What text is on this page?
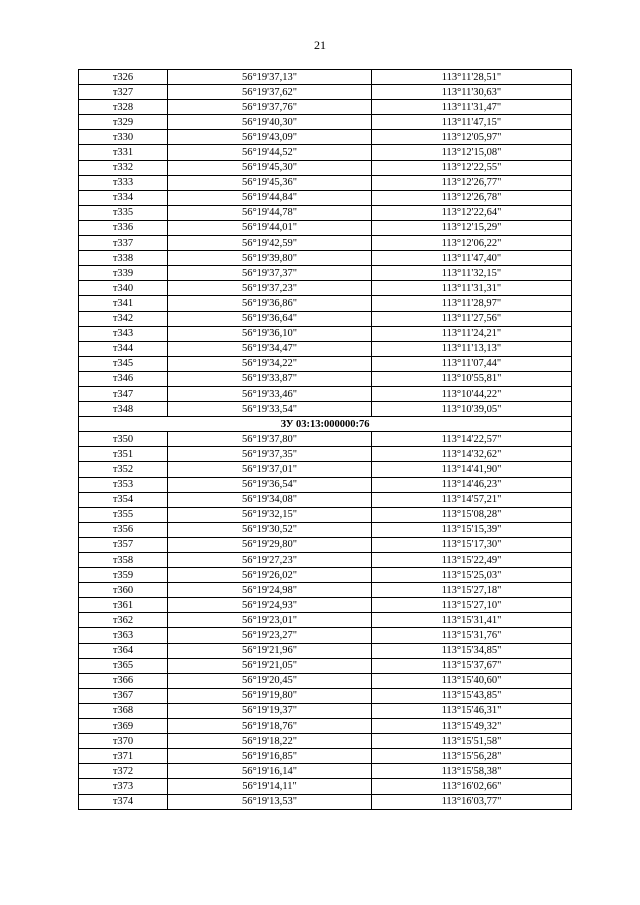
21
т326	56°19'37,13"	113°11'28,51"
т327	56°19'37,62"	113°11'30,63"
т328	56°19'37,76"	113°11'31,47"
т329	56°19'40,30"	113°11'47,15"
т330	56°19'43,09"	113°12'05,97"
т331	56°19'44,52"	113°12'15,08"
т332	56°19'45,30"	113°12'22,55"
т333	56°19'45,36"	113°12'26,77"
т334	56°19'44,84"	113°12'26,78"
т335	56°19'44,78"	113°12'22,64"
т336	56°19'44,01"	113°12'15,29"
т337	56°19'42,59"	113°12'06,22"
т338	56°19'39,80"	113°11'47,40"
т339	56°19'37,37"	113°11'32,15"
т340	56°19'37,23"	113°11'31,31"
т341	56°19'36,86"	113°11'28,97"
т342	56°19'36,64"	113°11'27,56"
т343	56°19'36,10"	113°11'24,21"
т344	56°19'34,47"	113°11'13,13"
т345	56°19'34,22"	113°11'07,44"
т346	56°19'33,87"	113°10'55,81"
т347	56°19'33,46"	113°10'44,22"
т348	56°19'33,54"	113°10'39,05"
ЗУ 03:13:000000:76		
т350	56°19'37,80"	113°14'22,57"
т351	56°19'37,35"	113°14'32,62"
т352	56°19'37,01"	113°14'41,90"
т353	56°19'36,54"	113°14'46,23"
т354	56°19'34,08"	113°14'57,21"
т355	56°19'32,15"	113°15'08,28"
т356	56°19'30,52"	113°15'15,39"
т357	56°19'29,80"	113°15'17,30"
т358	56°19'27,23"	113°15'22,49"
т359	56°19'26,02"	113°15'25,03"
т360	56°19'24,98"	113°15'27,18"
т361	56°19'24,93"	113°15'27,10"
т362	56°19'23,01"	113°15'31,41"
т363	56°19'23,27"	113°15'31,76"
т364	56°19'21,96"	113°15'34,85"
т365	56°19'21,05"	113°15'37,67"
т366	56°19'20,45"	113°15'40,60"
т367	56°19'19,80"	113°15'43,85"
т368	56°19'19,37"	113°15'46,31"
т369	56°19'18,76"	113°15'49,32"
т370	56°19'18,22"	113°15'51,58"
т371	56°19'16,85"	113°15'56,28"
т372	56°19'16,14"	113°15'58,38"
т373	56°19'14,11"	113°16'02,66"
т374	56°19'13,53"	113°16'03,77"
